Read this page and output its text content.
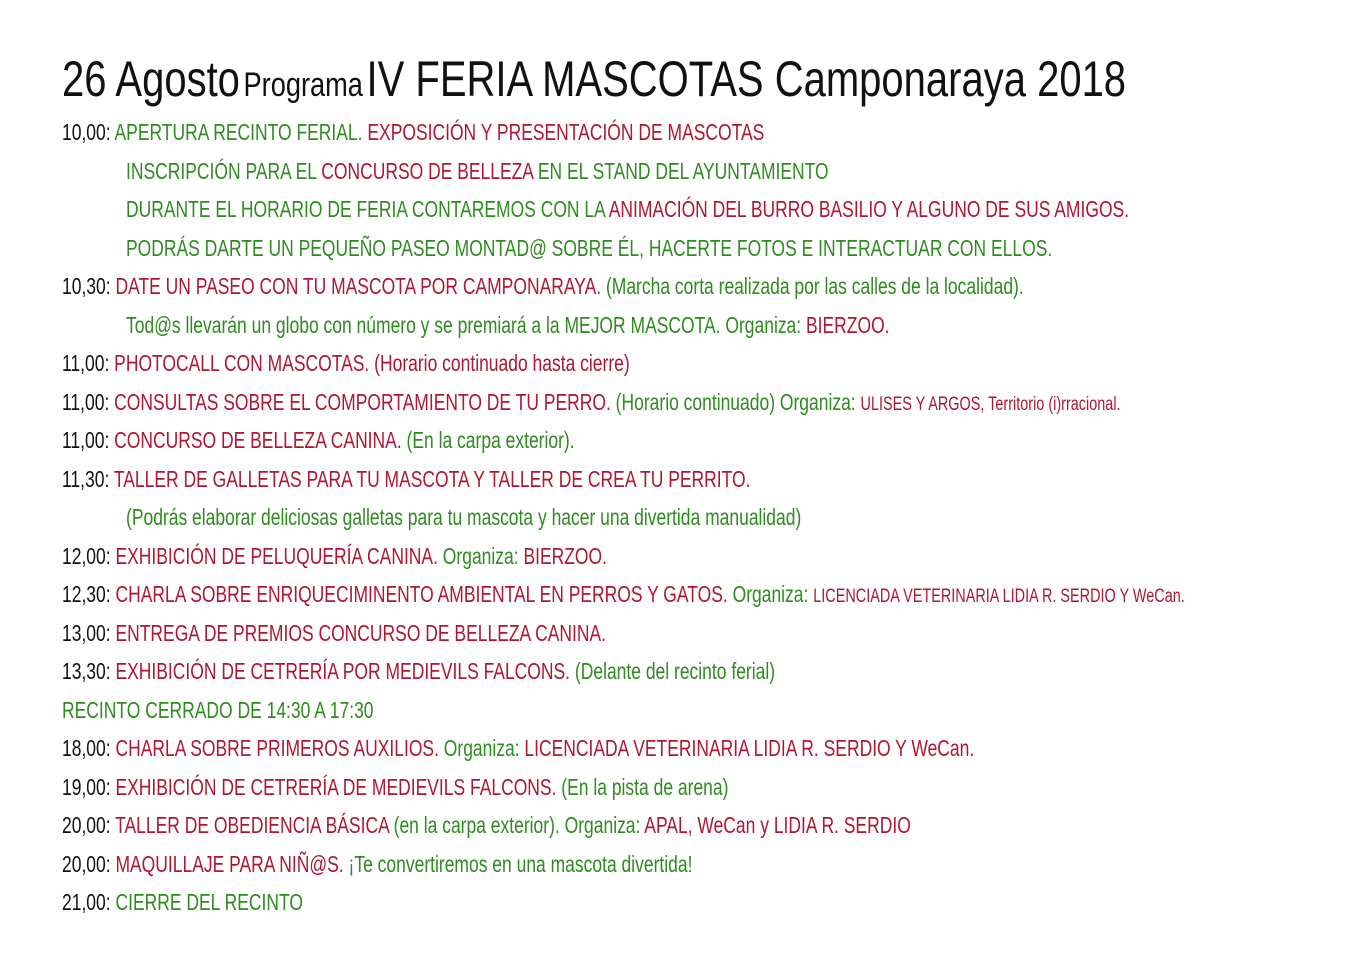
26 Agosto Programa IV FERIA MASCOTAS Camponaraya 2018
10,00: APERTURA RECINTO FERIAL. EXPOSICIÓN Y PRESENTACIÓN DE MASCOTAS
INSCRIPCIÓN PARA EL CONCURSO DE BELLEZA EN EL STAND DEL AYUNTAMIENTO
DURANTE EL HORARIO DE FERIA CONTAREMOS CON LA ANIMACIÓN DEL BURRO BASILIO Y ALGUNO DE SUS AMIGOS.
PODRÁS DARTE UN PEQUEÑO PASEO MONTAD@ SOBRE ÉL, HACERTE FOTOS E INTERACTUAR CON ELLOS.
10,30: DATE UN PASEO CON TU MASCOTA POR CAMPONARAYA. (Marcha corta realizada por las calles de la localidad).
Tod@s llevarán un globo con número y se premiará a la MEJOR MASCOTA. Organiza: BIERZOO.
11,00: PHOTOCALL CON MASCOTAS. (Horario continuado hasta cierre)
11,00: CONSULTAS SOBRE EL COMPORTAMIENTO DE TU PERRO. (Horario continuado) Organiza: ULISES Y ARGOS, Territorio (i)rracional.
11,00: CONCURSO DE BELLEZA CANINA. (En la carpa exterior).
11,30: TALLER DE GALLETAS PARA TU MASCOTA Y TALLER DE CREA TU PERRITO.
(Podrás elaborar deliciosas galletas para tu mascota y hacer una divertida manualidad)
12,00: EXHIBICIÓN DE PELUQUERÍA CANINA. Organiza: BIERZOO.
12,30: CHARLA SOBRE ENRIQUECIMINENTO AMBIENTAL EN PERROS Y GATOS. Organiza: LICENCIADA VETERINARIA LIDIA R. SERDIO Y WeCan.
13,00: ENTREGA DE PREMIOS CONCURSO DE BELLEZA CANINA.
13,30: EXHIBICIÓN DE CETRERÍA POR MEDIEVILS FALCONS. (Delante del recinto ferial)
RECINTO CERRADO DE 14:30 A 17:30
18,00: CHARLA SOBRE PRIMEROS AUXILIOS. Organiza: LICENCIADA VETERINARIA LIDIA R. SERDIO Y WeCan.
19,00: EXHIBICIÓN DE CETRERÍA DE MEDIEVILS FALCONS. (En la pista de arena)
20,00: TALLER DE OBEDIENCIA BÁSICA (en la carpa exterior). Organiza: APAL, WeCan y LIDIA R. SERDIO
20,00: MAQUILLAJE PARA NIÑ@S. ¡Te convertiremos en una mascota divertida!
21,00: CIERRE DEL RECINTO
